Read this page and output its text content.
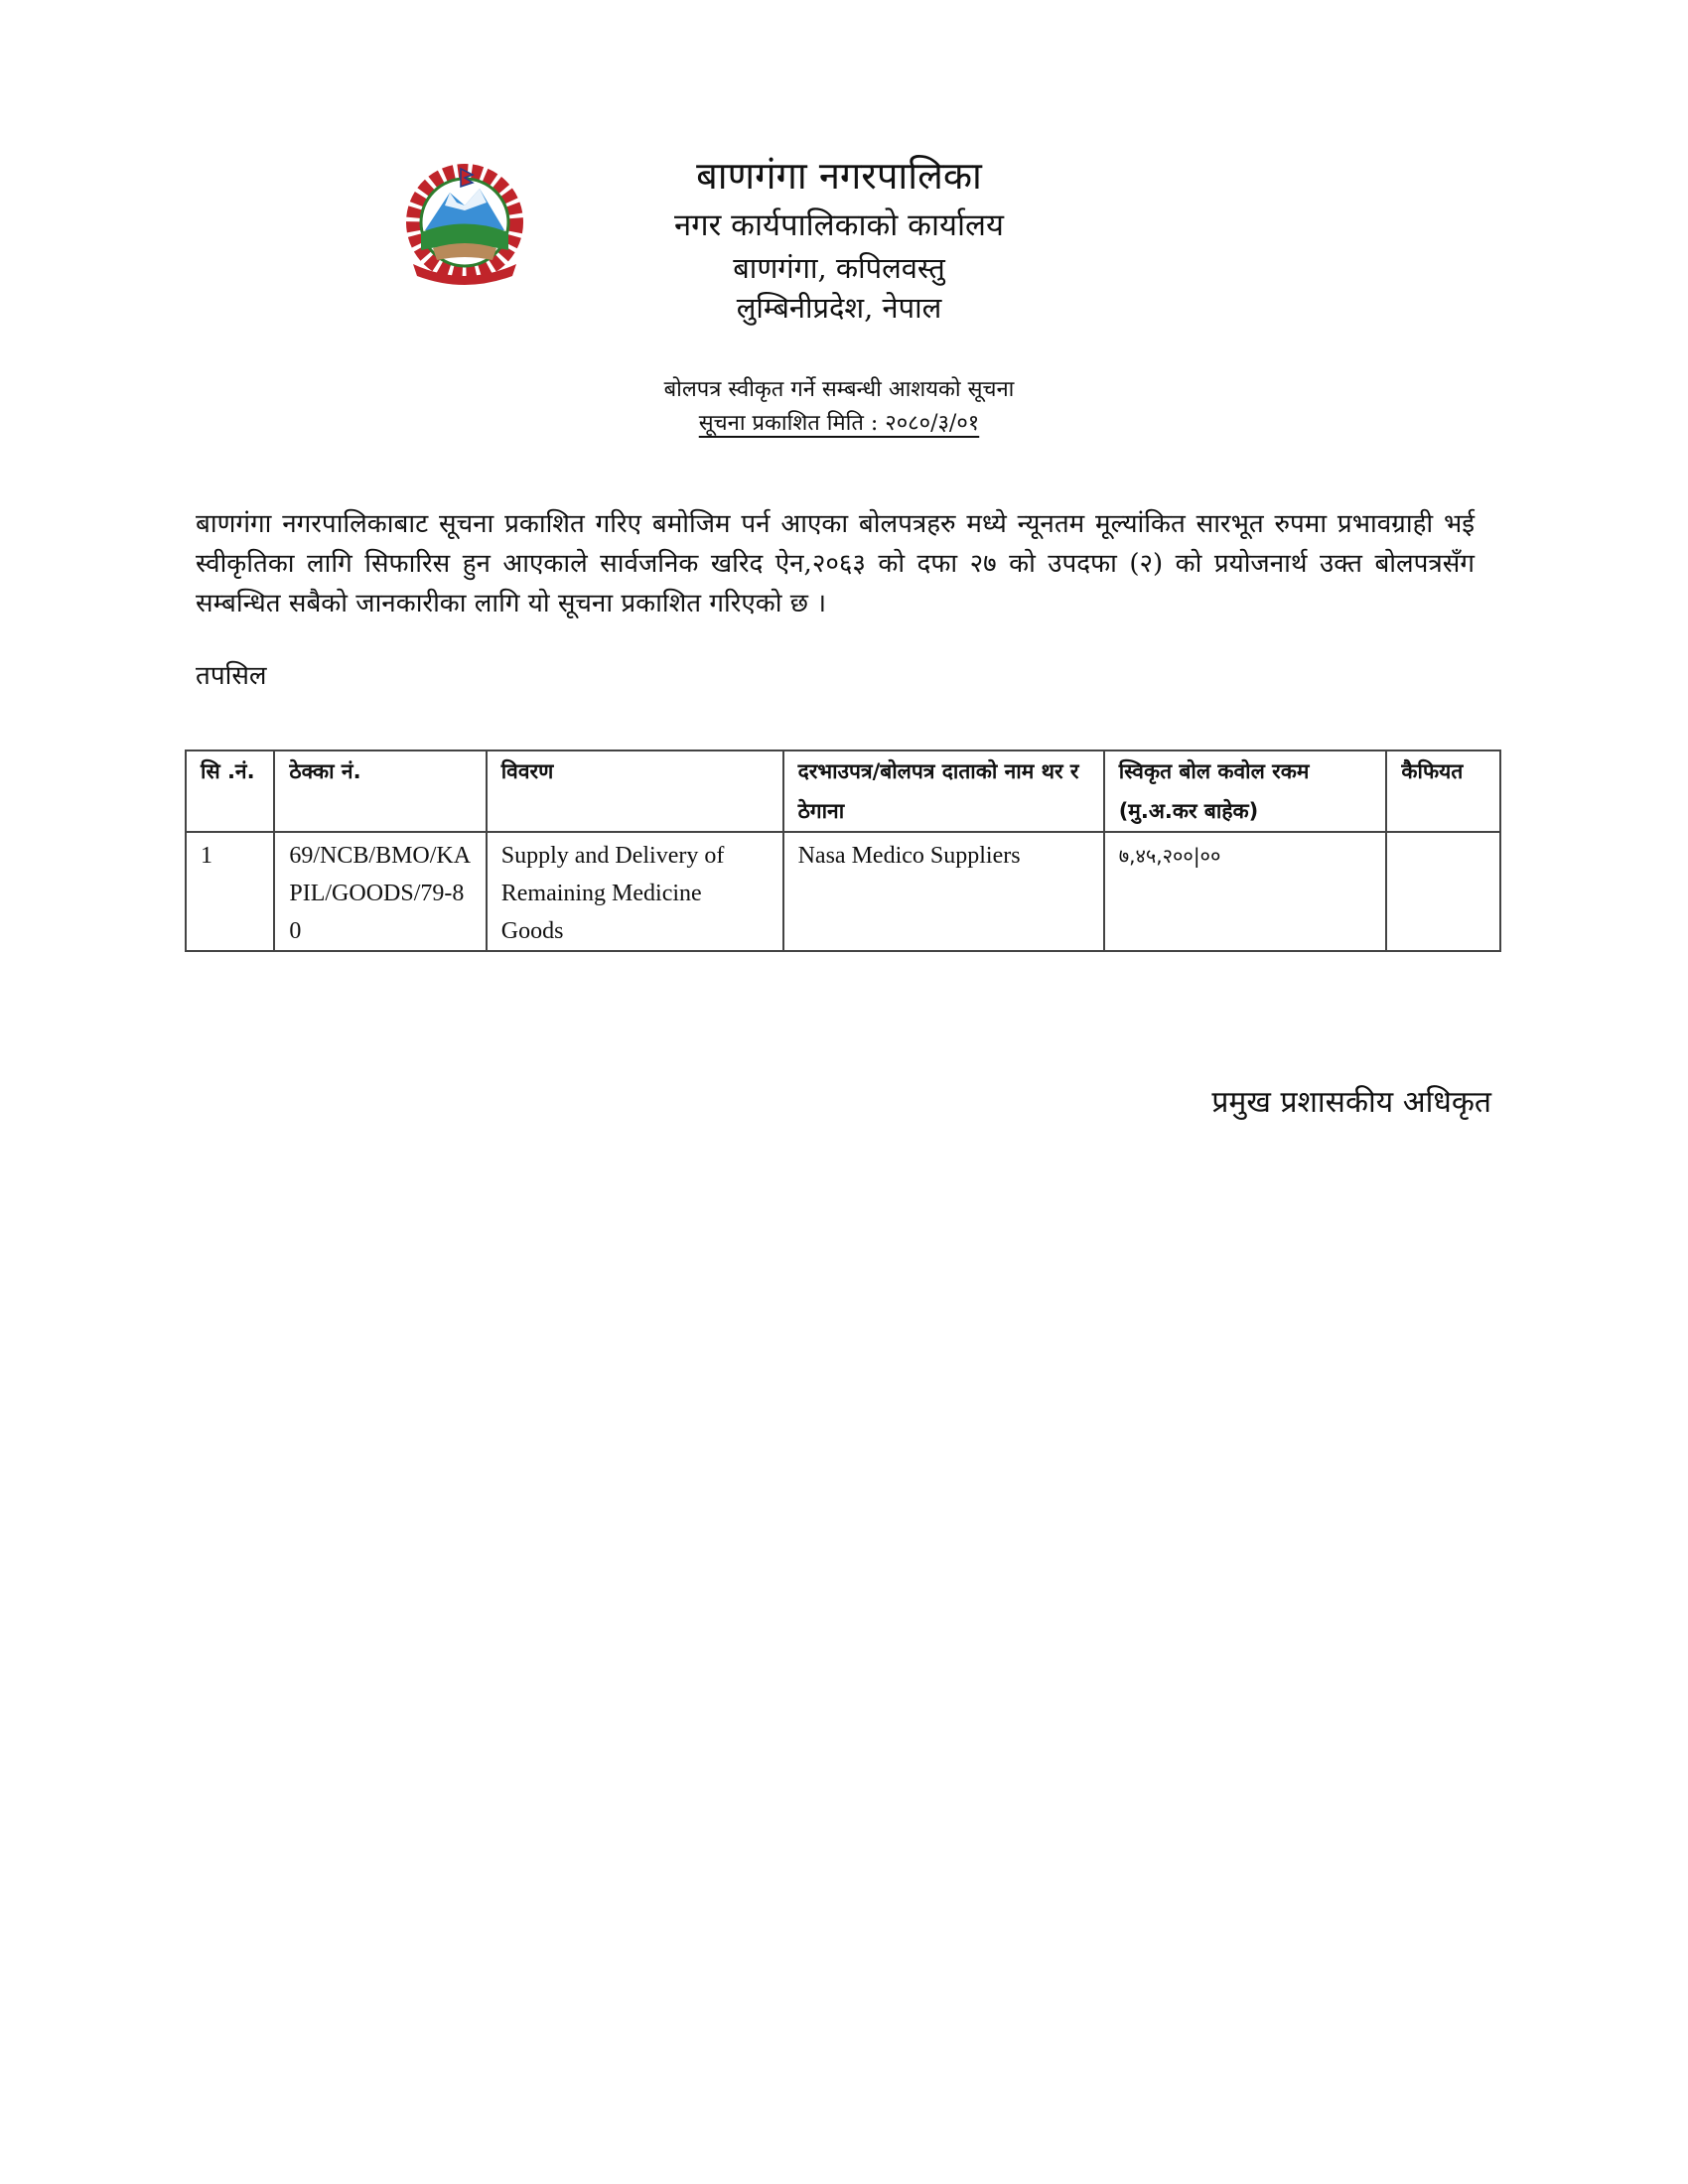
बाणगंगा नगरपालिका
नगर कार्यपालिकाको कार्यालय
बाणगंगा, कपिलवस्तु
लुम्बिनीप्रदेश, नेपाल
बोलपत्र स्वीकृत गर्ने सम्बन्धी आशयको सूचना
सूचना प्रकाशित मिति : २०८०/३/०१
बाणगंगा नगरपालिकाबाट सूचना प्रकाशित गरिए बमोजिम पर्न आएका बोलपत्रहरु मध्ये न्यूनतम मूल्यांकित सारभूत रुपमा प्रभावग्राही भई स्वीकृतिका लागि सिफारिस हुन आएकाले सार्वजनिक खरिद ऐन,२०६३ को दफा २७ को उपदफा (२) को प्रयोजनार्थ उक्त बोलपत्रसँग सम्बन्धित सबैको जानकारीका लागि यो सूचना प्रकाशित गरिएको छ ।
तपसिल
सि .नं.	ठेक्का नं.	विवरण	दरभाउपत्र/बोलपत्र दाताको नाम थर र ठेगाना	स्विकृत बोल कवोल रकम (मु.अ.कर बाहेक)	कैफियत
1	69/NCB/BMO/KAPIL/GOODS/79-80	Supply and Delivery of Remaining Medicine Goods	Nasa Medico Suppliers	७,४५,२००|००	
प्रमुख प्रशासकीय अधिकृत
